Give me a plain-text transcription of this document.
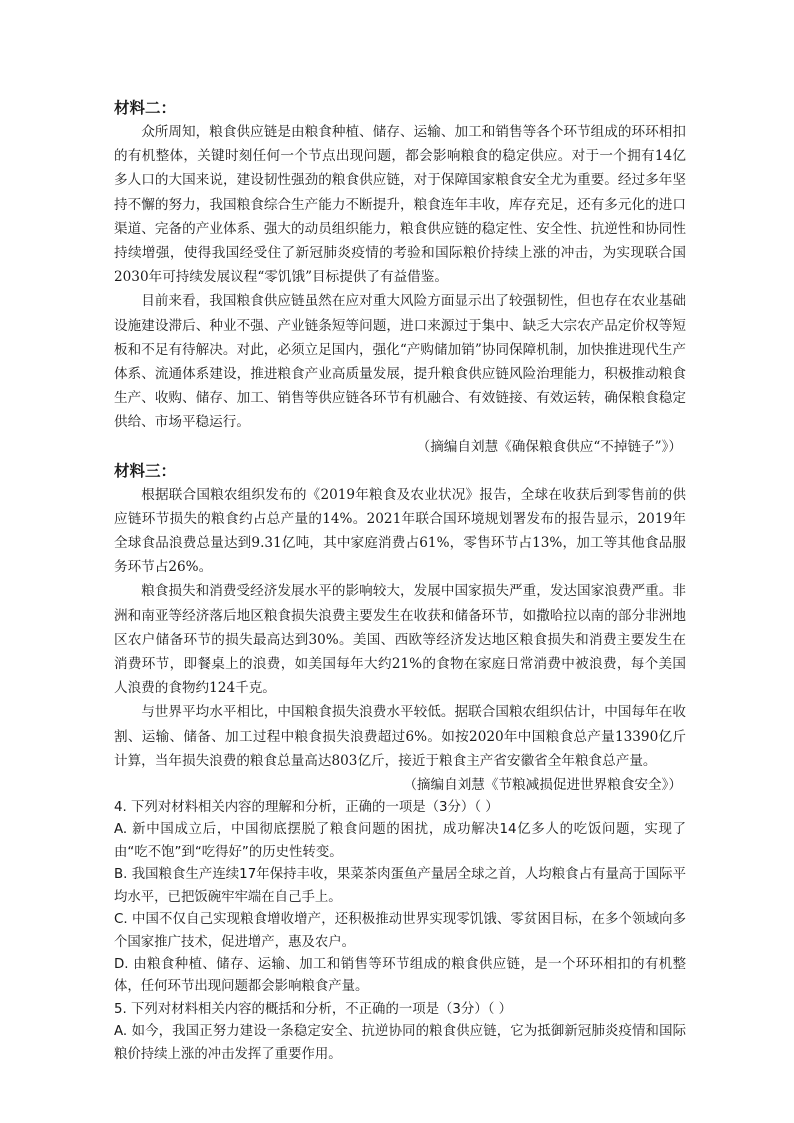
材料二：

众所周知，粮食供应链是由粮食种植、储存、运输、加工和销售等各个环节组成的环环相扣的有机整体，关键时刻任何一个节点出现问题，都会影响粮食的稳定供应。对于一个拥有14亿多人口的大国来说，建设韧性强劲的粮食供应链，对于保障国家粮食安全尤为重要。经过多年坚持不懈的努力，我国粮食综合生产能力不断提升，粮食连年丰收，库存充足，还有多元化的进口渠道、完备的产业体系、强大的动员组织能力，粮食供应链的稳定性、安全性、抗逆性和协同性持续增强，使得我国经受住了新冠肺炎疫情的考验和国际粮价持续上涨的冲击，为实现联合国2030年可持续发展议程“零饥饿”目标提供了有益借鉴。

目前来看，我国粮食供应链虽然在应对重大风险方面显示出了较强韧性，但也存在农业基础设施建设滞后、种业不强、产业链条短等问题，进口来源过于集中、缺乏大宗农产品定价权等短板和不足有待解决。对此，必须立足国内，强化“产购储加销”协同保障机制，加快推进现代生产体系、流通体系建设，推进粮食产业高质量发展，提升粮食供应链风险治理能力，积极推动粮食生产、收购、储存、加工、销售等供应链各环节有机融合、有效链接、有效运转，确保粮食稳定供给、市场平稳运行。

（摘编自刘慧《确保粮食供应“不掉链子”》）

材料三：

根据联合国粮农组织发布的《2019年粮食及农业状况》报告，全球在收获后到零售前的供应链环节损失的粮食约占总产量的14%。2021年联合国环境规划署发布的报告显示，2019年全球食品浪费总量达到9.31亿吨，其中家庭消费占61%，零售环节占13%，加工等其他食品服务环节占26%。

粮食损失和消费受经济发展水平的影响较大，发展中国家损失严重，发达国家浪费严重。非洲和南亚等经济落后地区粮食损失浪费主要发生在收获和储备环节，如撒哈拉以南的部分非洲地区农户储备环节的损失最高达到30%。美国、西欧等经济发达地区粮食损失和消费主要发生在消费环节，即餐桌上的浪费，如美国每年大约21%的食物在家庭日常消费中被浪费，每个美国人浪费的食物约124千克。

与世界平均水平相比，中国粮食损失浪费水平较低。据联合国粮农组织估计，中国每年在收割、运输、储备、加工过程中粮食损失浪费超过6%。如按2020年中国粮食总产量13390亿斤计算，当年损失浪费的粮食总量高达803亿斤，接近于粮食主产省安徽省全年粮食总产量。

（摘编自刘慧《节粮减损促进世界粮食安全》）

4. 下列对材料相关内容的理解和分析，正确的一项是（3分）（ ）

A. 新中国成立后，中国彻底摆脱了粮食问题的困扰，成功解决14亿多人的吃饭问题，实现了由“吃不饱”到“吃得好”的历史性转变。

B. 我国粮食生产连续17年保持丰收，果菜茶肉蛋鱼产量居全球之首，人均粮食占有量高于国际平均水平，已把饭碗牢牢端在自己手上。

C. 中国不仅自己实现粮食增收增产，还积极推动世界实现零饥饿、零贫困目标，在多个领域向多个国家推广技术，促进增产，惠及农户。

D. 由粮食种植、储存、运输、加工和销售等环节组成的粮食供应链，是一个环环相扣的有机整体，任何环节出现问题都会影响粮食产量。

5. 下列对材料相关内容的概括和分析，不正确的一项是（3分）（ ）

A. 如今，我国正努力建设一条稳定安全、抗逆协同的粮食供应链，它为抵御新冠肺炎疫情和国际粮价持续上涨的冲击发挥了重要作用。
